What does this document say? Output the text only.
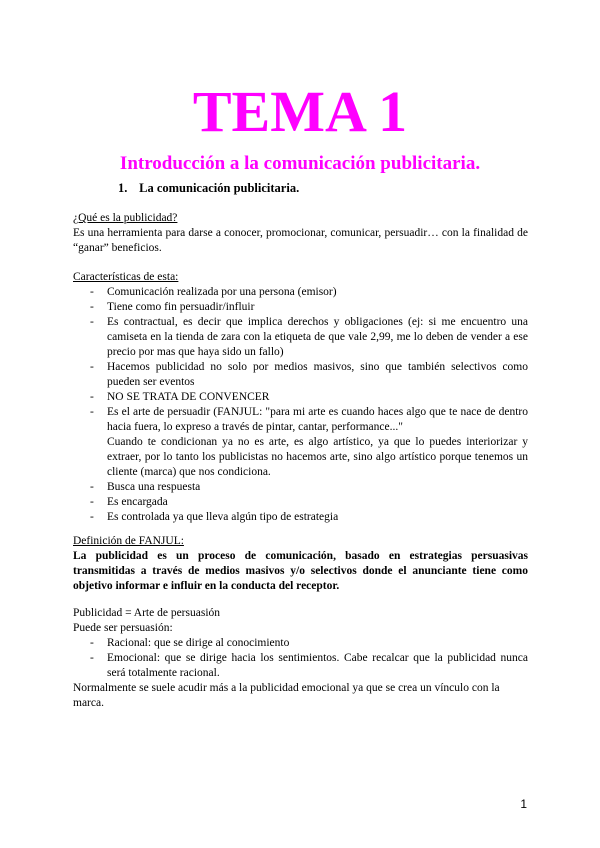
TEMA 1
Introducción a la comunicación publicitaria.
1. La comunicación publicitaria.
¿Qué es la publicidad?
Es una herramienta para darse a conocer, promocionar, comunicar, persuadir… con la finalidad de “ganar” beneficios.
Características de esta:
- Comunicación realizada por una persona (emisor)
- Tiene como fin persuadir/influir
- Es contractual, es decir que implica derechos y obligaciones (ej: si me encuentro una camiseta en la tienda de zara con la etiqueta de que vale 2,99, me lo deben de vender a ese precio por mas que haya sido un fallo)
- Hacemos publicidad no solo por medios masivos, sino que también selectivos como pueden ser eventos
- NO SE TRATA DE CONVENCER
- Es el arte de persuadir (FANJUL: "para mi arte es cuando haces algo que te nace de dentro hacia fuera, lo expreso a través de pintar, cantar, performance..."
Cuando te condicionan ya no es arte, es algo artístico, ya que lo puedes interiorizar y extraer, por lo tanto los publicistas no hacemos arte, sino algo artístico porque tenemos un cliente (marca) que nos condiciona.
- Busca una respuesta
- Es encargada
- Es controlada ya que lleva algún tipo de estrategia
Definición de FANJUL:
La publicidad es un proceso de comunicación, basado en estrategias persuasivas transmitidas a través de medios masivos y/o selectivos donde el anunciante tiene como objetivo informar e influir en la conducta del receptor.
Publicidad = Arte de persuasión
Puede ser persuasión:
- Racional: que se dirige al conocimiento
- Emocional: que se dirige hacia los sentimientos. Cabe recalcar que la publicidad nunca será totalmente racional.
Normalmente se suele acudir más a la publicidad emocional ya que se crea un vínculo con la marca.
1
